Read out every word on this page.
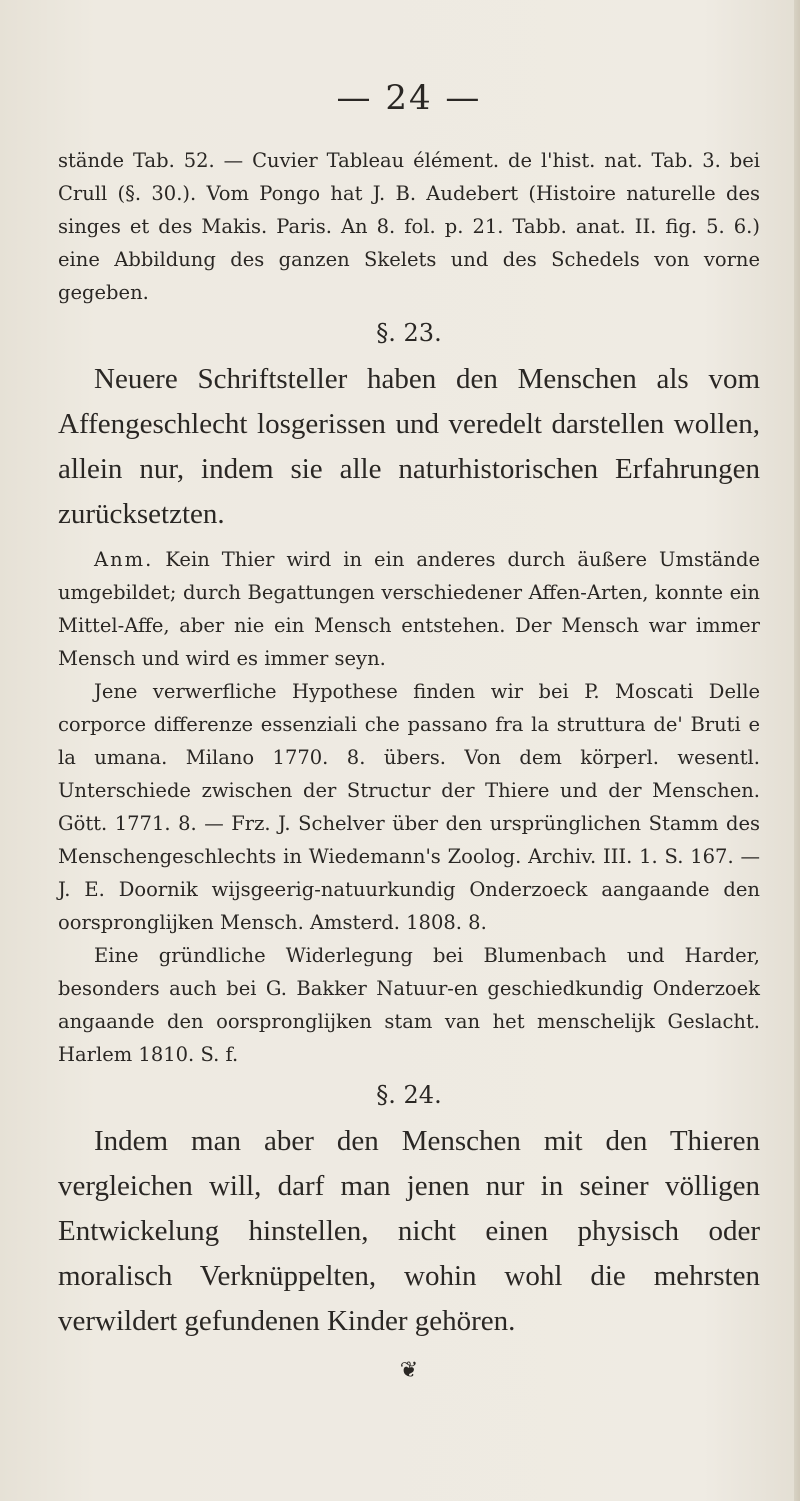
— 24 —

stände Tab. 52. — Cuvier Tableau élément. de l'hist. nat. Tab. 3. bei Crull (§. 30.). Vom Pongo hat J. B. Audebert (Histoire naturelle des singes et des Makis. Paris. An 8. fol. p. 21. Tabb. anat. II. fig. 5. 6.) eine Abbildung des ganzen Skelets und des Schedels von vorne gegeben.

§. 23.

Neuere Schriftsteller haben den Menschen als vom Affengeschlecht losgerissen und veredelt darstellen wollen, allein nur, indem sie alle naturhistorischen Erfahrungen zurücksetzten.

Anm. Kein Thier wird in ein anderes durch äußere Umstände umgebildet; durch Begattungen verschiedener Affen-Arten, konnte ein Mittel-Affe, aber nie ein Mensch entstehen. Der Mensch war immer Mensch und wird es immer seyn.

Jene verwerfliche Hypothese finden wir bei P. Moscati Delle corporce differenze essenziali che passano fra la struttura de' Bruti e la umana. Milano 1770. 8. übers. Von dem körperl. wesentl. Unterschiede zwischen der Structur der Thiere und der Menschen. Gött. 1771. 8. — Frz. J. Schelver über den ursprünglichen Stamm des Menschengeschlechts in Wiedemann's Zoolog. Archiv. III. 1. S. 167. — J. E. Doornik wijsgeerig-natuurkundig Onderzoeck aangaande den oorspronglijken Mensch. Amsterd. 1808. 8.

Eine gründliche Widerlegung bei Blumenbach und Harder, besonders auch bei G. Bakker Natuur-en geschiedkundig Onderzoek angaande den oorspronglijken stam van het menschelijk Geslacht. Harlem 1810. S. f.

§. 24.

Indem man aber den Menschen mit den Thieren vergleichen will, darf man jenen nur in seiner völligen Entwickelung hinstellen, nicht einen physisch oder moralisch Verknüppelten, wohin wohl die mehrsten verwildert gefundenen Kinder gehören.

❦
